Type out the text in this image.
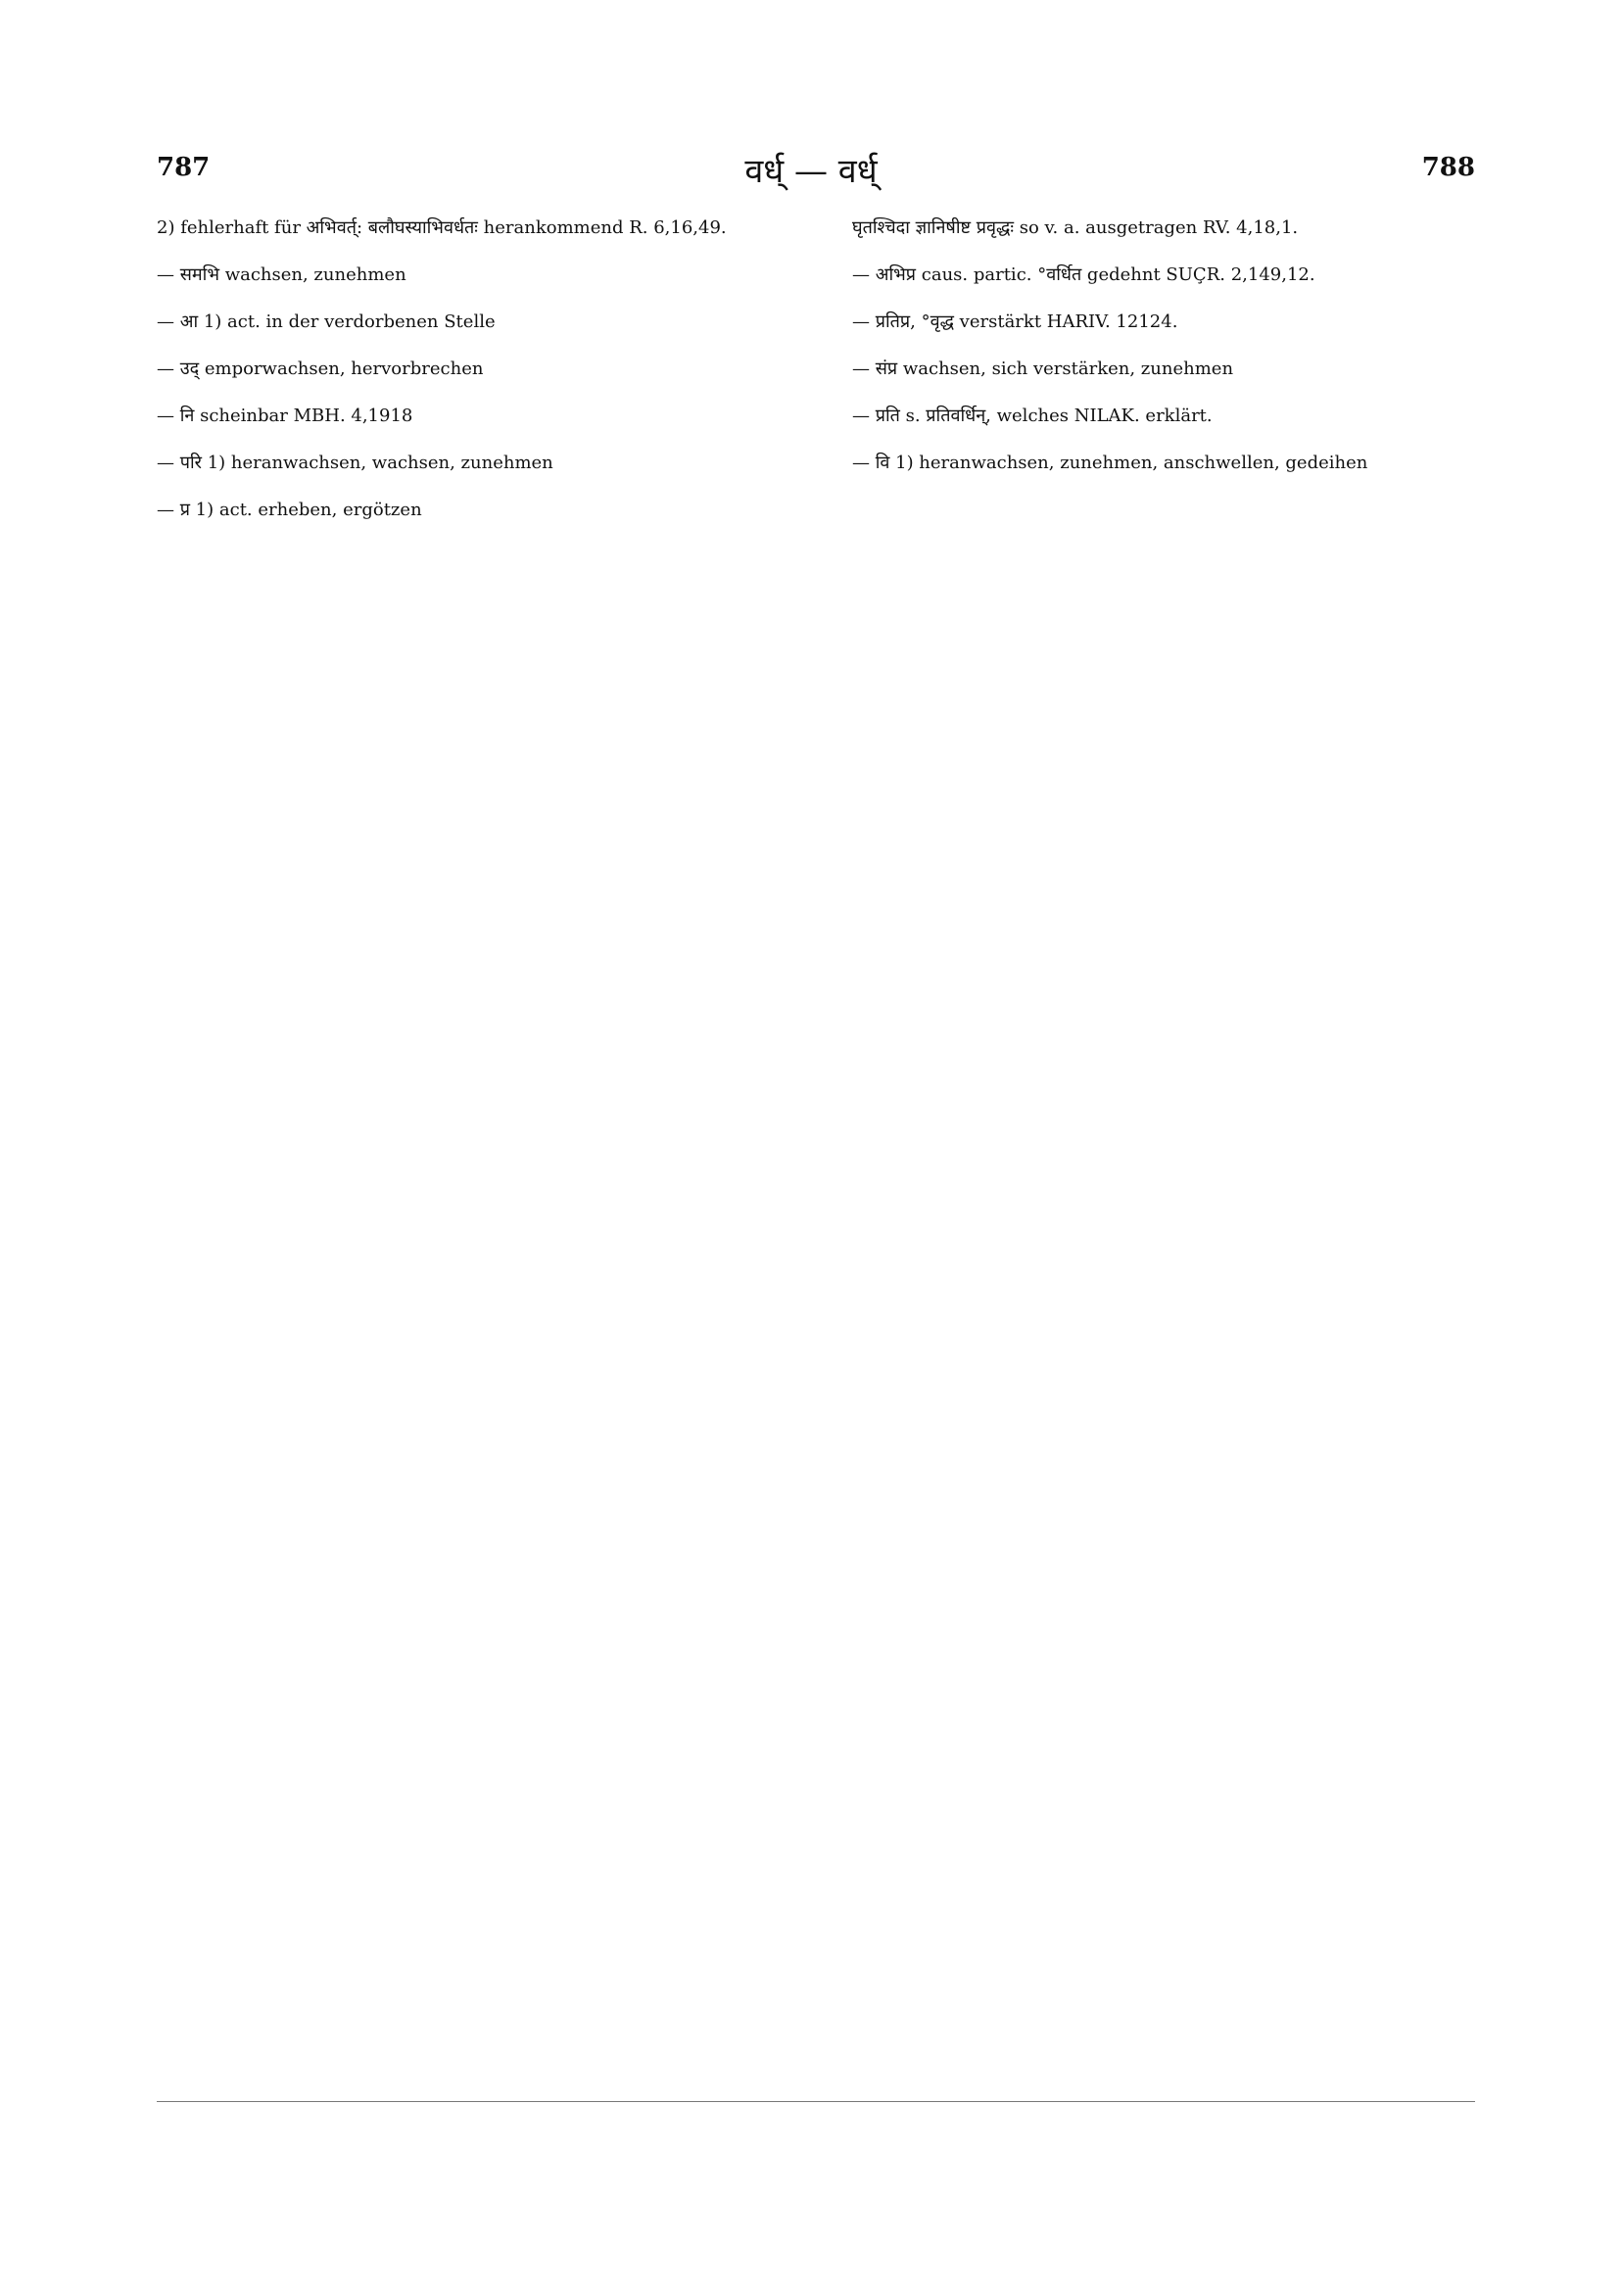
787	वर्ध् — वर्ध्	788

2) fehlerhaft für अभिवर्त्: बलौघस्याभिवर्धतः herankommend R. 6,16,49.

— समभि wachsen, zunehmen

— आ 1) act. in der verdorbenen Stelle

— उद् emporwachsen, hervorbrechen

— नि scheinbar MBH. 4,1918

— परि 1) heranwachsen, wachsen, zunehmen

— प्र 1) act. erheben, ergötzen

घृतश्चिदा ज्ञानिषीष्ट प्रवृद्धः so v. a. ausgetragen RV. 4,18,1.

— अभिप्र caus. partic. °वर्धित gedehnt SUÇR. 2,149,12.

— प्रतिप्र, °वृद्ध verstärkt HARIV. 12124.

— संप्र wachsen, sich verstärken, zunehmen

— प्रति s. प्रतिवर्धिन्, welches NILAK. erklärt.

— वि 1) heranwachsen, zunehmen, anschwellen, gedeihen
